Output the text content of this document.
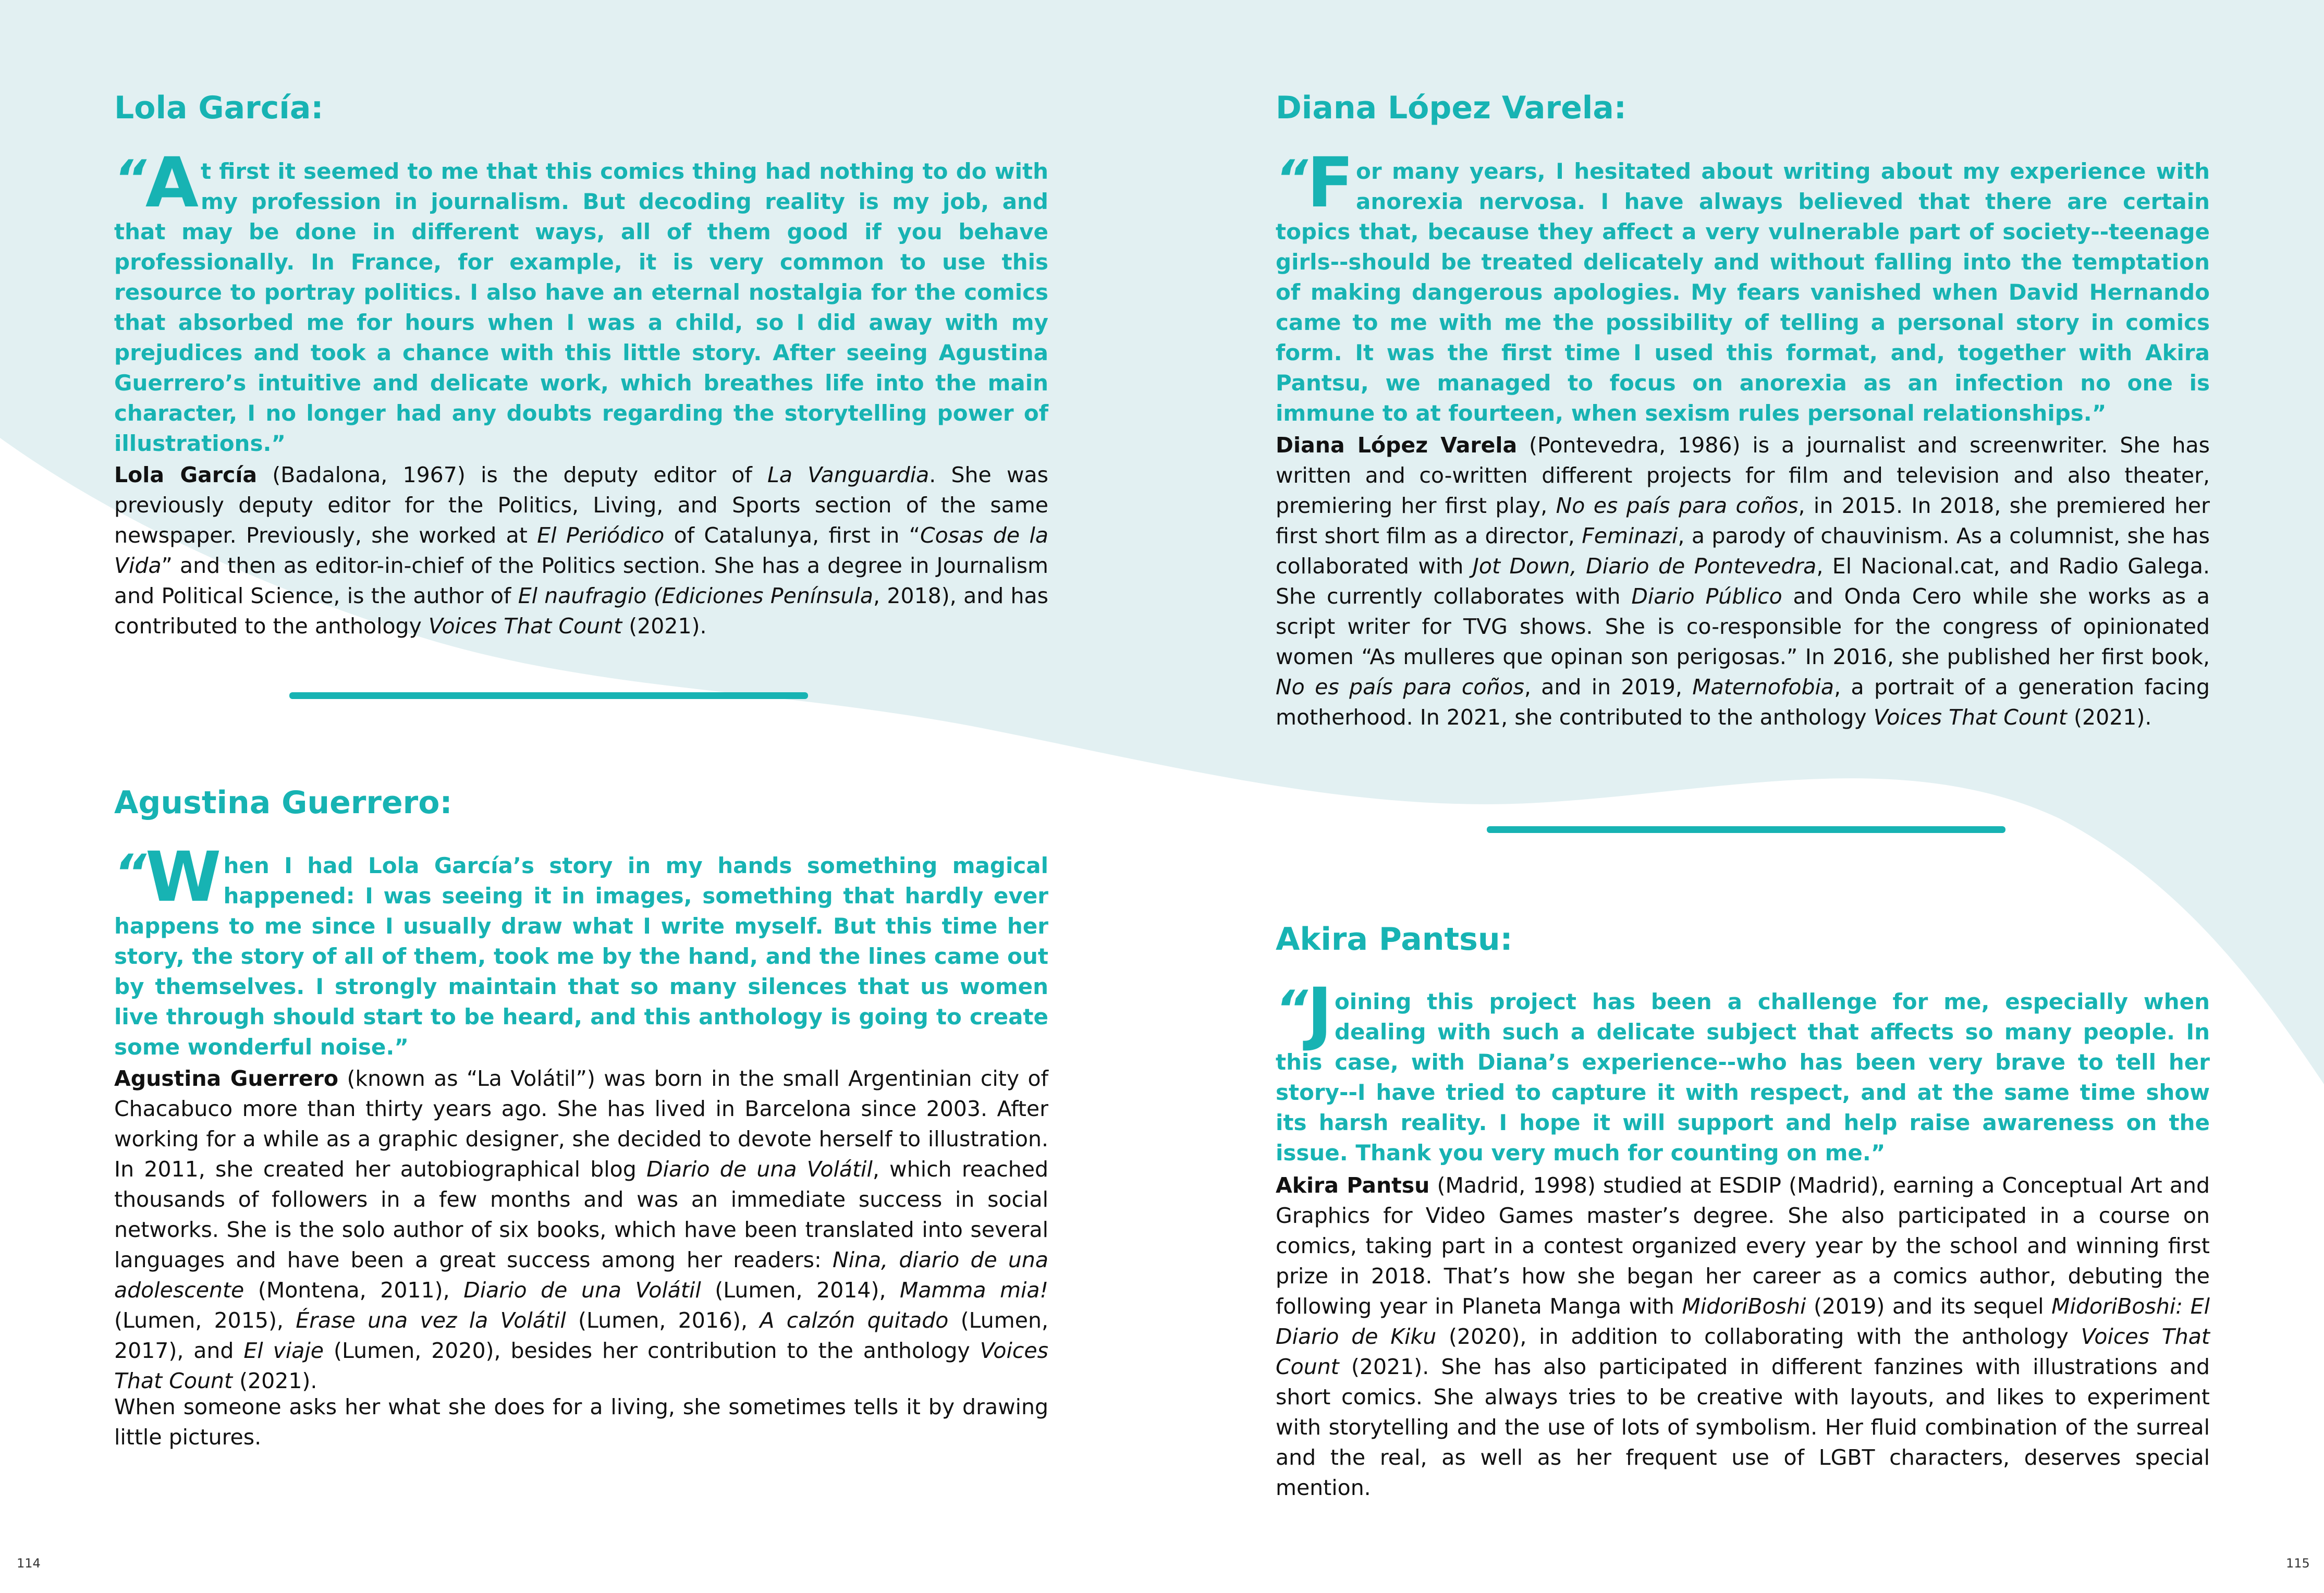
Lola García:

“ A t first it seemed to me that this comics thing had nothing to do with my profession in journalism. But decoding reality is my job, and that may be done in different ways, all of them good if you behave professionally. In France, for example, it is very common to use this resource to portray politics. I also have an eternal nostalgia for the comics that absorbed me for hours when I was a child, so I did away with my prejudices and took a chance with this little story. After seeing Agustina Guerrero’s intuitive and delicate work, which breathes life into the main character, I no longer had any doubts regarding the storytelling power of illustrations.”

Lola García (Badalona, 1967) is the deputy editor of La Vanguardia. She was previously deputy editor for the Politics, Living, and Sports section of the same newspaper. Previously, she worked at El Periódico of Catalunya, first in “Cosas de la Vida” and then as editor-in-chief of the Politics section. She has a degree in Journalism and Political Science, is the author of El naufragio (Ediciones Península, 2018), and has contributed to the anthology Voices That Count (2021).

Agustina Guerrero:

“ W hen I had Lola García’s story in my hands something magical happened: I was seeing it in images, something that hardly ever happens to me since I usually draw what I write myself. But this time her story, the story of all of them, took me by the hand, and the lines came out by themselves. I strongly maintain that so many silences that us women live through should start to be heard, and this anthology is going to create some wonderful noise.”

Agustina Guerrero (known as “La Volátil”) was born in the small Argentinian city of Chacabuco more than thirty years ago. She has lived in Barcelona since 2003. After working for a while as a graphic designer, she decided to devote herself to illustration. In 2011, she created her autobiographical blog Diario de una Volátil, which reached thousands of followers in a few months and was an immediate success in social networks. She is the solo author of six books, which have been translated into several languages and have been a great success among her readers: Nina, diario de una adolescente (Montena, 2011), Diario de una Volátil (Lumen, 2014), Mamma mia! (Lumen, 2015), Érase una vez la Volátil (Lumen, 2016), A calzón quitado (Lumen, 2017), and El viaje (Lumen, 2020), besides her contribution to the anthology Voices That Count (2021).

When someone asks her what she does for a living, she sometimes tells it by drawing little pictures.

Diana López Varela:

“ F or many years, I hesitated about writing about my experience with anorexia nervosa. I have always believed that there are certain topics that, because they affect a very vulnerable part of society--teenage girls--should be treated delicately and without falling into the temptation of making dangerous apologies. My fears vanished when David Hernando came to me with me the possibility of telling a personal story in comics form. It was the first time I used this format, and, together with Akira Pantsu, we managed to focus on anorexia as an infection no one is immune to at fourteen, when sexism rules personal relationships.”

Diana López Varela (Pontevedra, 1986) is a journalist and screenwriter. She has written and co-written different projects for film and television and also theater, premiering her first play, No es país para coños, in 2015. In 2018, she premiered her first short film as a director, Feminazi, a parody of chauvinism. As a columnist, she has collaborated with Jot Down, Diario de Pontevedra, El Nacional.cat, and Radio Galega. She currently collaborates with Diario Público and Onda Cero while she works as a script writer for TVG shows. She is co-responsible for the congress of opinionated women “As mulleres que opinan son perigosas.” In 2016, she published her first book, No es país para coños, and in 2019, Maternofobia, a portrait of a generation facing motherhood. In 2021, she contributed to the anthology Voices That Count (2021).

Akira Pantsu:

“ J oining this project has been a challenge for me, especially when dealing with such a delicate subject that affects so many people. In this case, with Diana’s experience--who has been very brave to tell her story--I have tried to capture it with respect, and at the same time show its harsh reality. I hope it will support and help raise awareness on the issue. Thank you very much for counting on me.”

Akira Pantsu (Madrid, 1998) studied at ESDIP (Madrid), earning a Conceptual Art and Graphics for Video Games master’s degree. She also participated in a course on comics, taking part in a contest organized every year by the school and winning first prize in 2018. That’s how she began her career as a comics author, debuting the following year in Planeta Manga with MidoriBoshi (2019) and its sequel MidoriBoshi: El Diario de Kiku (2020), in addition to collaborating with the anthology Voices That Count (2021). She has also participated in different fanzines with illustrations and short comics. She always tries to be creative with layouts, and likes to experiment with storytelling and the use of lots of symbolism. Her fluid combination of the surreal and the real, as well as her frequent use of LGBT characters, deserves special mention.

114	115
